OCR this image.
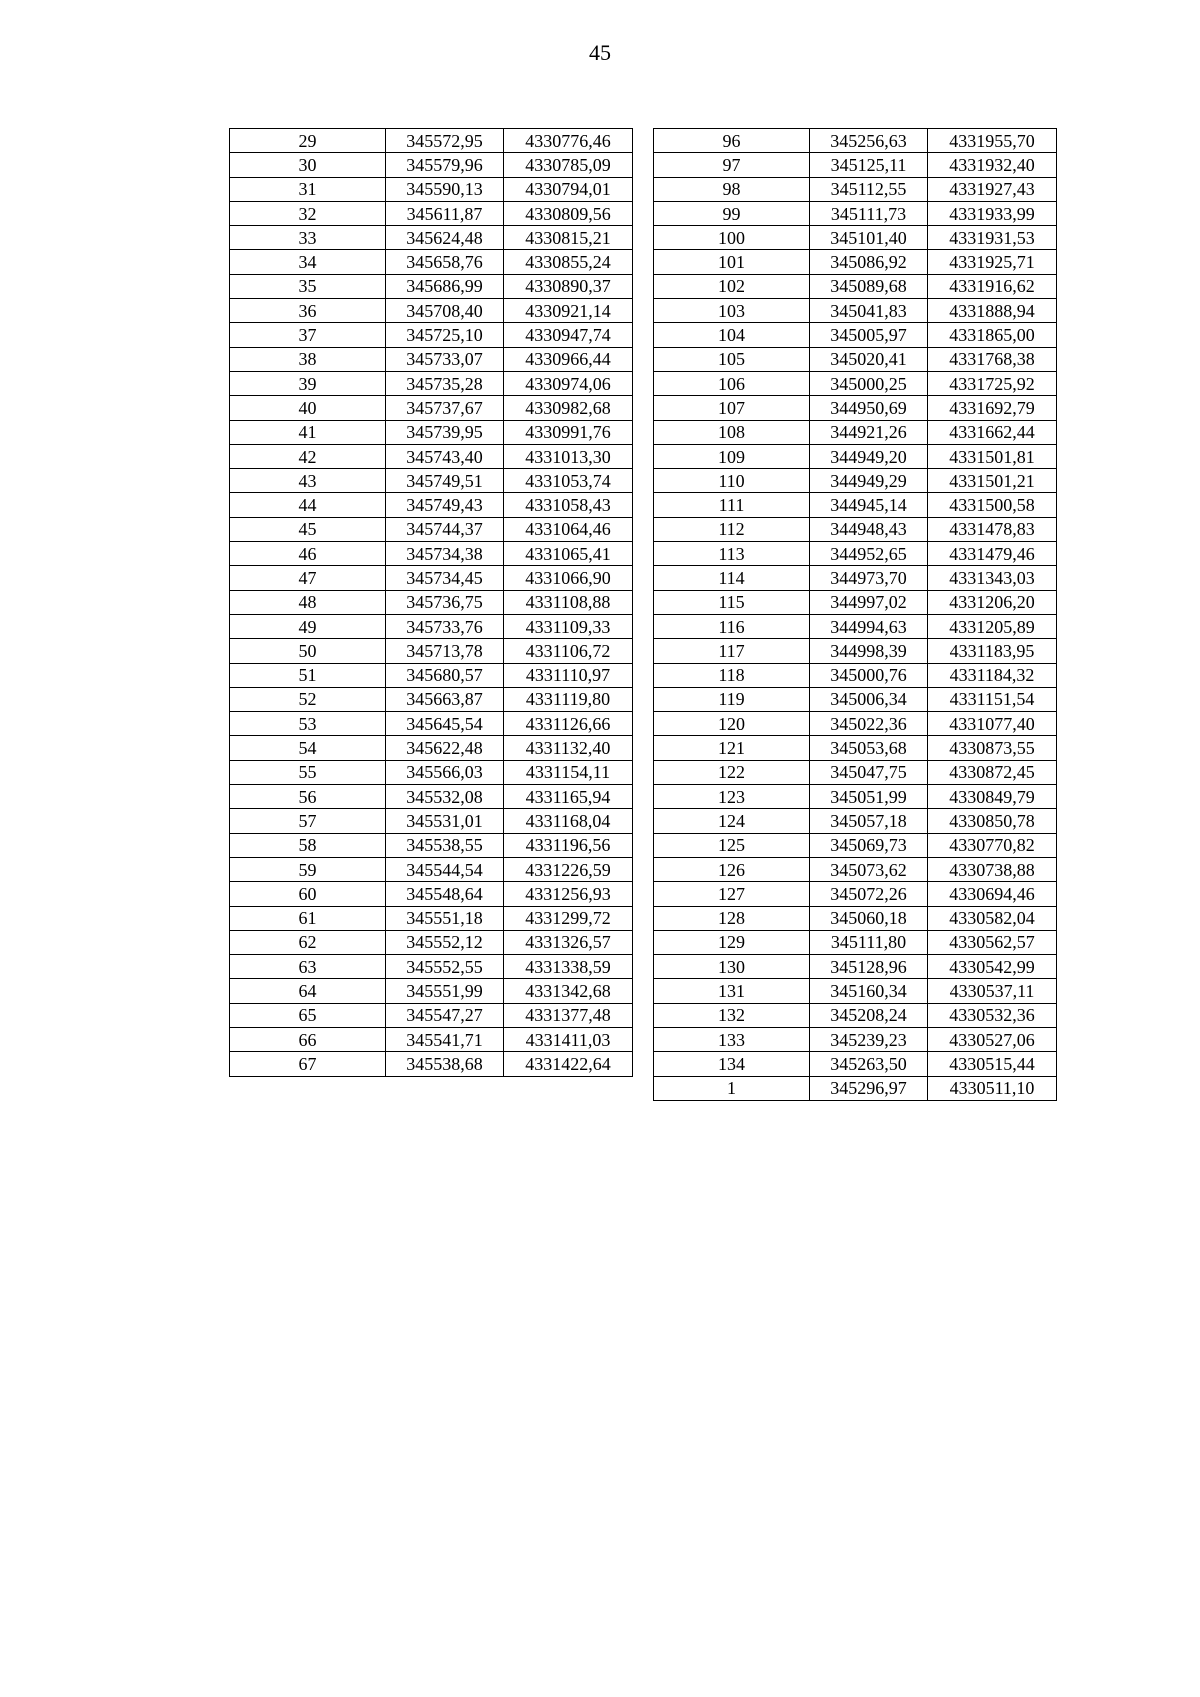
45
29	345572,95	4330776,46
30	345579,96	4330785,09
31	345590,13	4330794,01
32	345611,87	4330809,56
33	345624,48	4330815,21
34	345658,76	4330855,24
35	345686,99	4330890,37
36	345708,40	4330921,14
37	345725,10	4330947,74
38	345733,07	4330966,44
39	345735,28	4330974,06
40	345737,67	4330982,68
41	345739,95	4330991,76
42	345743,40	4331013,30
43	345749,51	4331053,74
44	345749,43	4331058,43
45	345744,37	4331064,46
46	345734,38	4331065,41
47	345734,45	4331066,90
48	345736,75	4331108,88
49	345733,76	4331109,33
50	345713,78	4331106,72
51	345680,57	4331110,97
52	345663,87	4331119,80
53	345645,54	4331126,66
54	345622,48	4331132,40
55	345566,03	4331154,11
56	345532,08	4331165,94
57	345531,01	4331168,04
58	345538,55	4331196,56
59	345544,54	4331226,59
60	345548,64	4331256,93
61	345551,18	4331299,72
62	345552,12	4331326,57
63	345552,55	4331338,59
64	345551,99	4331342,68
65	345547,27	4331377,48
66	345541,71	4331411,03
67	345538,68	4331422,64
96	345256,63	4331955,70
97	345125,11	4331932,40
98	345112,55	4331927,43
99	345111,73	4331933,99
100	345101,40	4331931,53
101	345086,92	4331925,71
102	345089,68	4331916,62
103	345041,83	4331888,94
104	345005,97	4331865,00
105	345020,41	4331768,38
106	345000,25	4331725,92
107	344950,69	4331692,79
108	344921,26	4331662,44
109	344949,20	4331501,81
110	344949,29	4331501,21
111	344945,14	4331500,58
112	344948,43	4331478,83
113	344952,65	4331479,46
114	344973,70	4331343,03
115	344997,02	4331206,20
116	344994,63	4331205,89
117	344998,39	4331183,95
118	345000,76	4331184,32
119	345006,34	4331151,54
120	345022,36	4331077,40
121	345053,68	4330873,55
122	345047,75	4330872,45
123	345051,99	4330849,79
124	345057,18	4330850,78
125	345069,73	4330770,82
126	345073,62	4330738,88
127	345072,26	4330694,46
128	345060,18	4330582,04
129	345111,80	4330562,57
130	345128,96	4330542,99
131	345160,34	4330537,11
132	345208,24	4330532,36
133	345239,23	4330527,06
134	345263,50	4330515,44
1	345296,97	4330511,10
